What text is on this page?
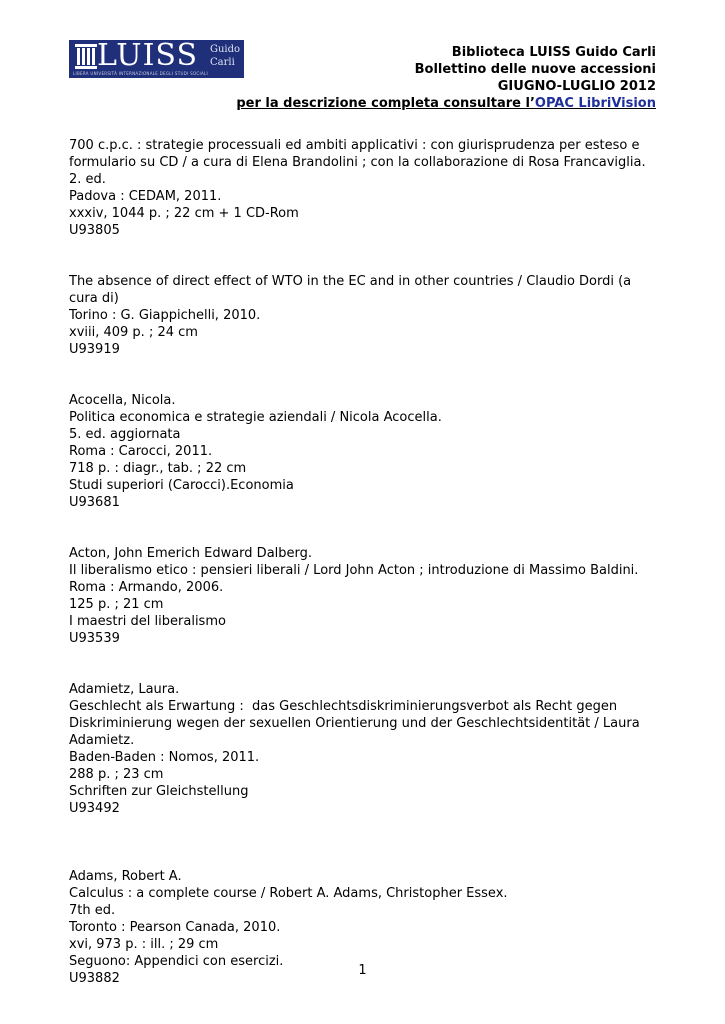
LUISS Guido
Carli
LIBERA UNIVERSITÀ INTERNAZIONALE DEGLI STUDI SOCIALI
Biblioteca LUISS Guido Carli
Bollettino delle nuove accessioni
GIUGNO-LUGLIO 2012
per la descrizione completa consultare l’OPAC LibriVision
700 c.p.c. : strategie processuali ed ambiti applicativi : con giurisprudenza per esteso e formulario su CD / a cura di Elena Brandolini ; con la collaborazione di Rosa Francaviglia.
2. ed.
Padova : CEDAM, 2011.
xxxiv, 1044 p. ; 22 cm + 1 CD-Rom
U93805
The absence of direct effect of WTO in the EC and in other countries / Claudio Dordi (a cura di)
Torino : G. Giappichelli, 2010.
xviii, 409 p. ; 24 cm
U93919
Acocella, Nicola.
Politica economica e strategie aziendali / Nicola Acocella.
5. ed. aggiornata
Roma : Carocci, 2011.
718 p. : diagr., tab. ; 22 cm
Studi superiori (Carocci).Economia
U93681
Acton, John Emerich Edward Dalberg.
Il liberalismo etico : pensieri liberali / Lord John Acton ; introduzione di Massimo Baldini.
Roma : Armando, 2006.
125 p. ; 21 cm
I maestri del liberalismo
U93539
Adamietz, Laura.
Geschlecht als Erwartung :  das Geschlechtsdiskriminierungsverbot als Recht gegen Diskriminierung wegen der sexuellen Orientierung und der Geschlechtsidentität / Laura Adamietz.
Baden-Baden : Nomos, 2011.
288 p. ; 23 cm
Schriften zur Gleichstellung
U93492
Adams, Robert A.
Calculus : a complete course / Robert A. Adams, Christopher Essex.
7th ed.
Toronto : Pearson Canada, 2010.
xvi, 973 p. : ill. ; 29 cm
Seguono: Appendici con esercizi.
U93882
1
